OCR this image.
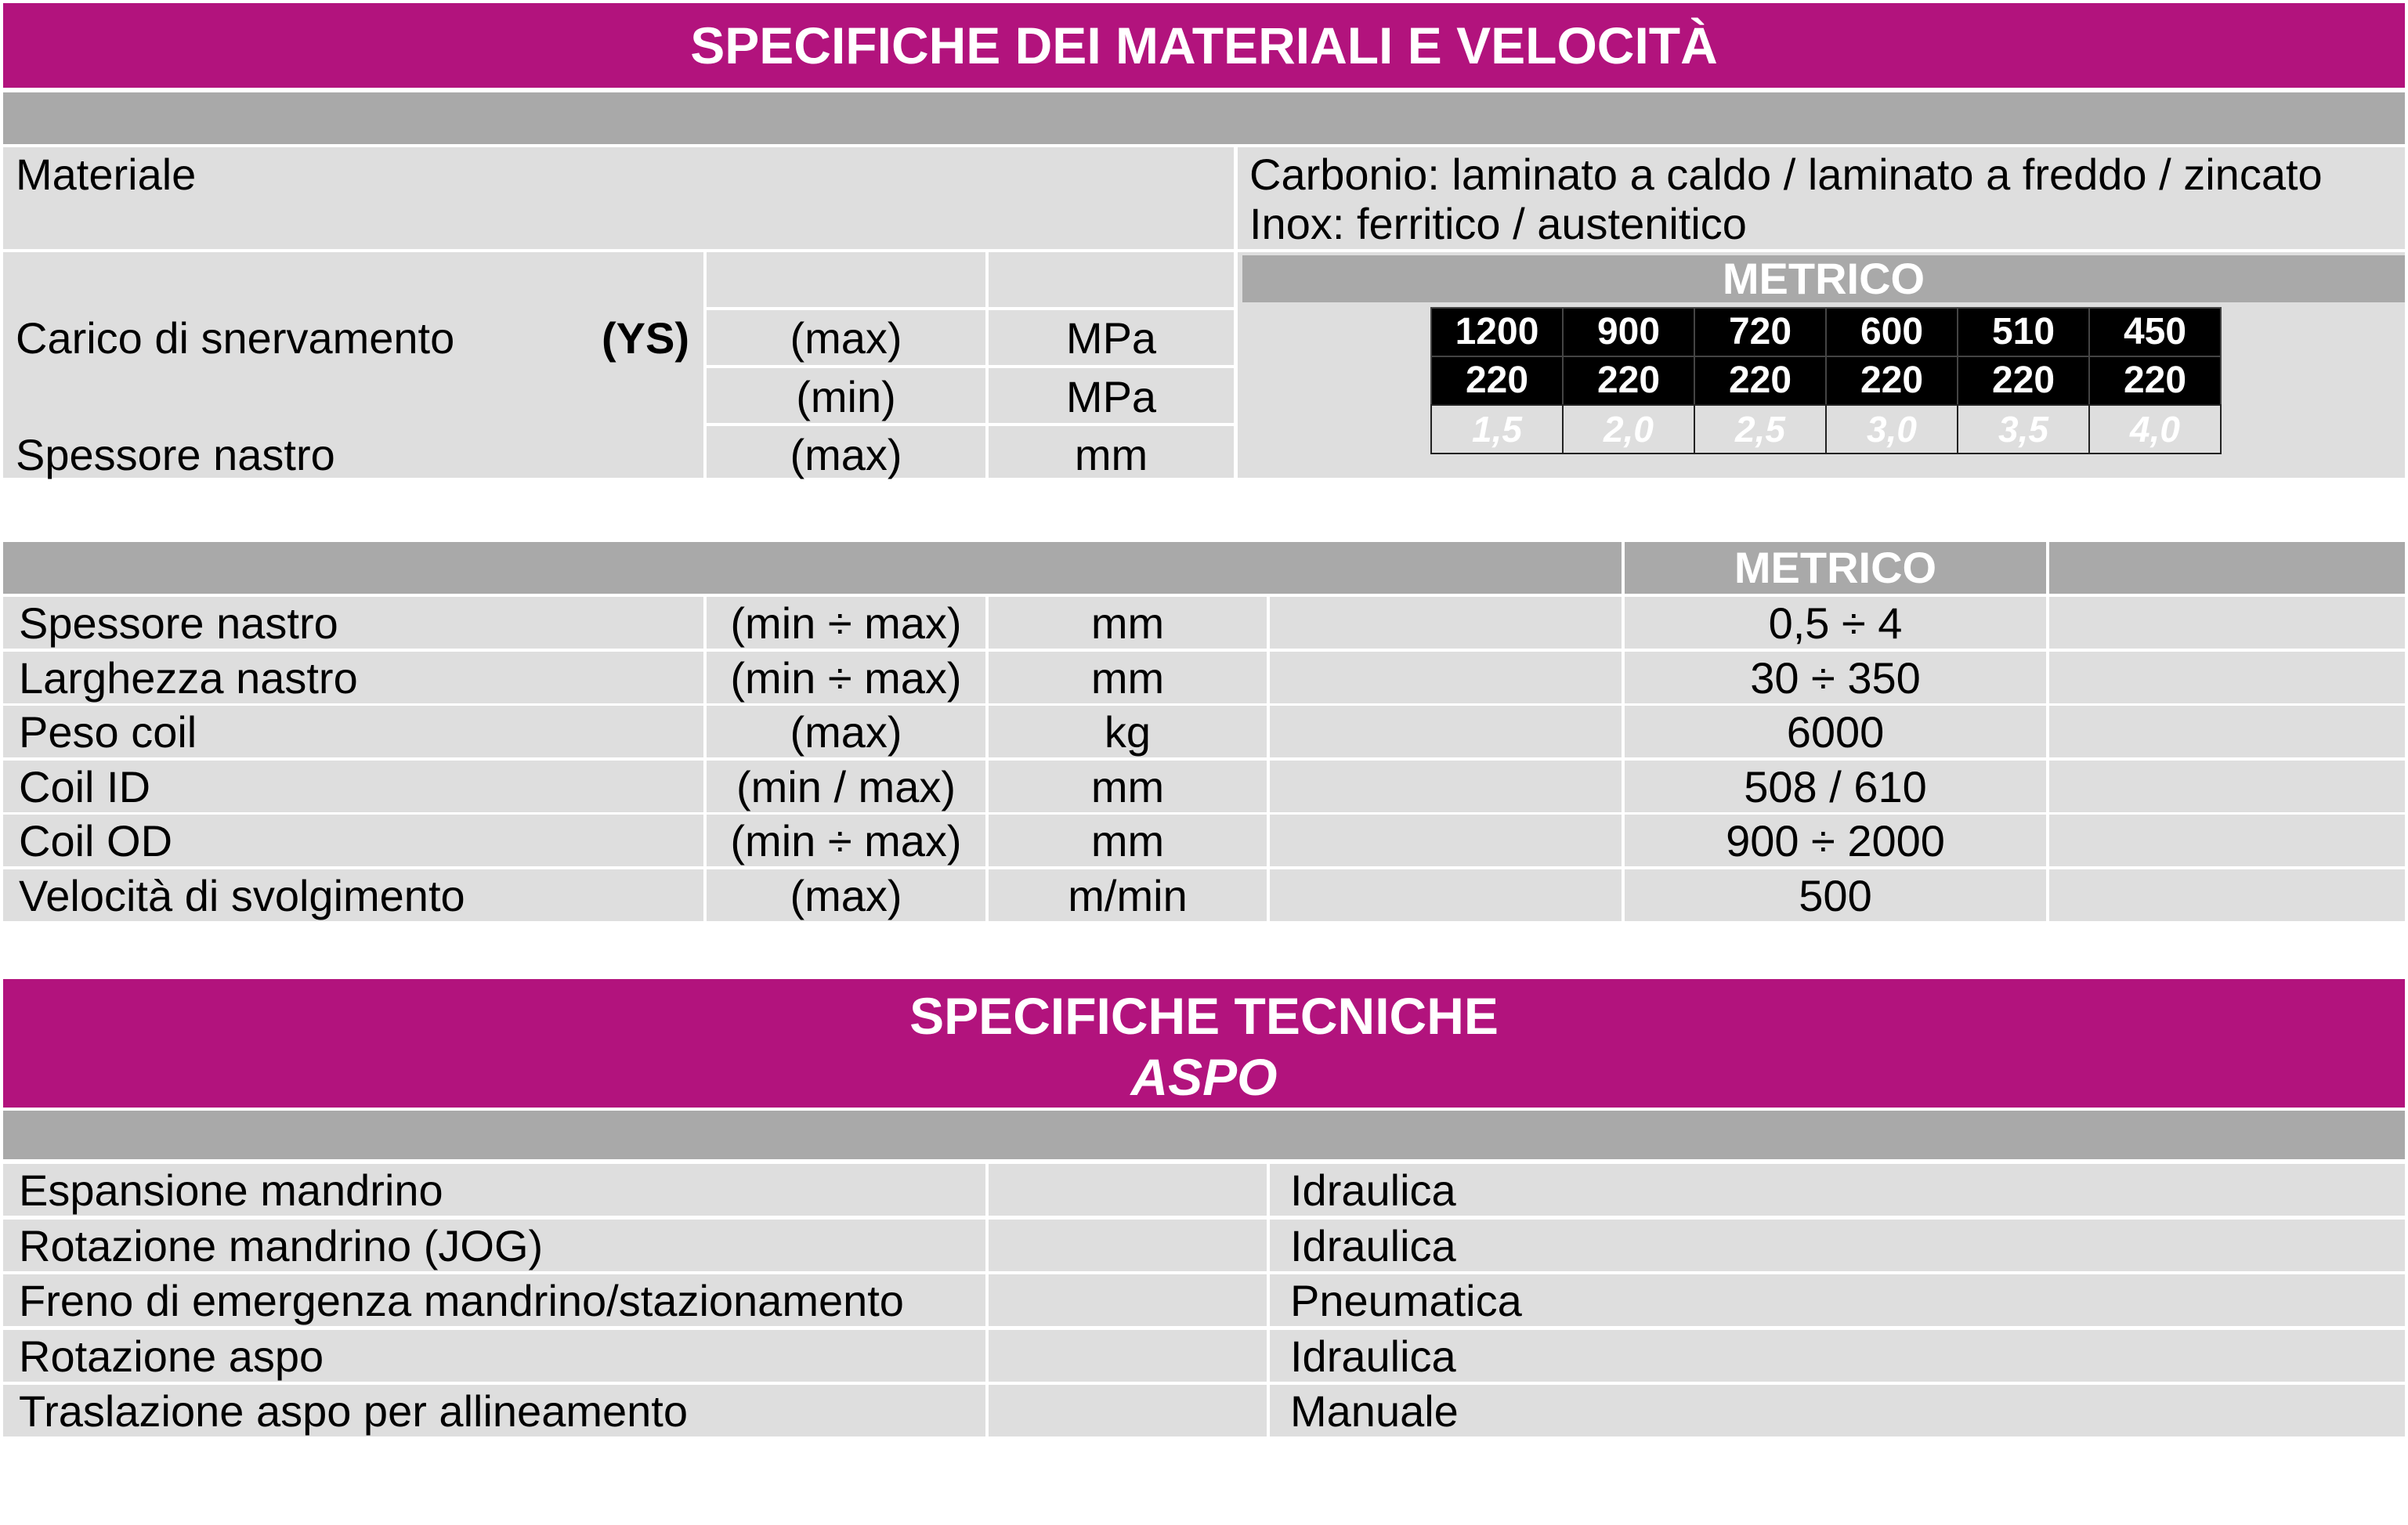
SPECIFICHE DEI MATERIALI E VELOCITÀ
Materiale	Carbonio: laminato a caldo / laminato a freddo / zincato
Inox: ferritico / austenitico
Carico di snervamento	(YS)	(max)	MPa
(min)	MPa
Spessore nastro	(max)	mm
METRICO
1200	900	720	600	510	450
220	220	220	220	220	220
1,5	2,0	2,5	3,0	3,5	4,0
METRICO
Spessore nastro	(min ÷ max)	mm	0,5 ÷ 4
Larghezza nastro	(min ÷ max)	mm	30 ÷ 350
Peso coil	(max)	kg	6000
Coil ID	(min / max)	mm	508 / 610
Coil OD	(min ÷ max)	mm	900 ÷ 2000
Velocità di svolgimento	(max)	m/min	500
SPECIFICHE TECNICHE
ASPO
Espansione mandrino	Idraulica
Rotazione mandrino (JOG)	Idraulica
Freno di emergenza mandrino/stazionamento	Pneumatica
Rotazione aspo	Idraulica
Traslazione aspo per allineamento	Manuale
